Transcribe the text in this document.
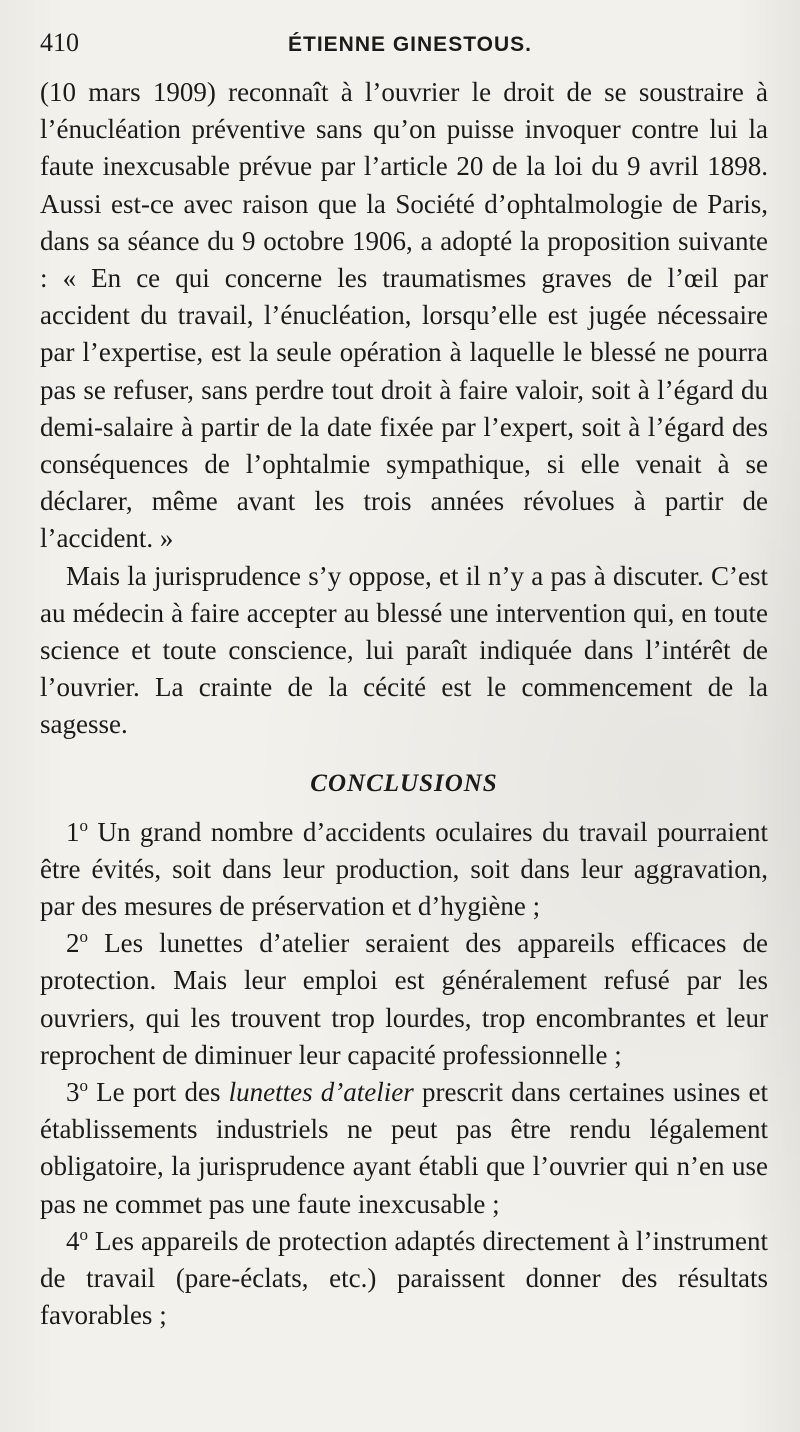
410	ÉTIENNE GINESTOUS.

(10 mars 1909) reconnaît à l’ouvrier le droit de se soustraire à l’énucléation préventive sans qu’on puisse invoquer contre lui la faute inexcusable prévue par l’article 20 de la loi du 9 avril 1898. Aussi est-ce avec raison que la Société d’ophtalmologie de Paris, dans sa séance du 9 octobre 1906, a adopté la proposition suivante : « En ce qui concerne les traumatismes graves de l’œil par accident du travail, l’énucléation, lorsqu’elle est jugée nécessaire par l’expertise, est la seule opération à laquelle le blessé ne pourra pas se refuser, sans perdre tout droit à faire valoir, soit à l’égard du demi-salaire à partir de la date fixée par l’expert, soit à l’égard des conséquences de l’ophtalmie sympathique, si elle venait à se déclarer, même avant les trois années révolues à partir de l’accident. »

Mais la jurisprudence s’y oppose, et il n’y a pas à discuter. C’est au médecin à faire accepter au blessé une intervention qui, en toute science et toute conscience, lui paraît indiquée dans l’intérêt de l’ouvrier. La crainte de la cécité est le commencement de la sagesse.

CONCLUSIONS

1$^o$ Un grand nombre d’accidents oculaires du travail pourraient être évités, soit dans leur production, soit dans leur aggravation, par des mesures de préservation et d’hygiène ;

2$^o$ Les lunettes d’atelier seraient des appareils efficaces de protection. Mais leur emploi est généralement refusé par les ouvriers, qui les trouvent trop lourdes, trop encombrantes et leur reprochent de diminuer leur capacité professionnelle ;

3$^o$ Le port des lunettes d’atelier prescrit dans certaines usines et établissements industriels ne peut pas être rendu légalement obligatoire, la jurisprudence ayant établi que l’ouvrier qui n’en use pas ne commet pas une faute inexcusable ;

4$^o$ Les appareils de protection adaptés directement à l’instrument de travail (pare-éclats, etc.) paraissent donner des résultats favorables ;
